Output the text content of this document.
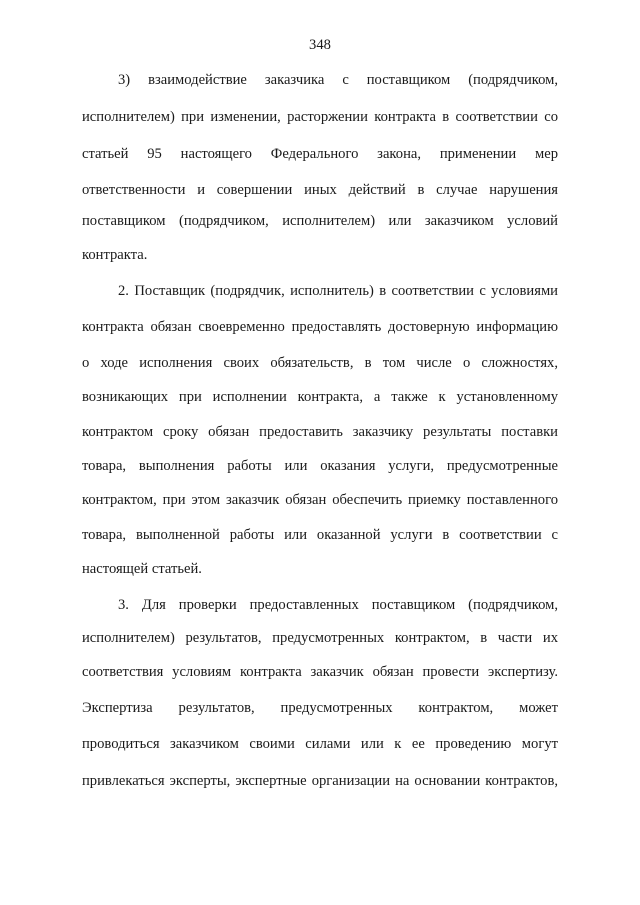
348
3) взаимодействие заказчика с поставщиком (подрядчиком,
исполнителем) при изменении, расторжении контракта в соответствии со
статьей 95 настоящего Федерального закона, применении мер
ответственности и совершении иных действий в случае нарушения
поставщиком (подрядчиком, исполнителем) или заказчиком условий
контракта.
2. Поставщик (подрядчик, исполнитель) в соответствии с условиями
контракта обязан своевременно предоставлять достоверную информацию
о ходе исполнения своих обязательств, в том числе о сложностях,
возникающих при исполнении контракта, а также к установленному
контрактом сроку обязан предоставить заказчику результаты поставки
товара, выполнения работы или оказания услуги, предусмотренные
контрактом, при этом заказчик обязан обеспечить приемку поставленного
товара, выполненной работы или оказанной услуги в соответствии с
настоящей статьей.
3. Для проверки предоставленных поставщиком (подрядчиком,
исполнителем) результатов, предусмотренных контрактом, в части их
соответствия условиям контракта заказчик обязан провести экспертизу.
Экспертиза результатов, предусмотренных контрактом, может
проводиться заказчиком своими силами или к ее проведению могут
привлекаться эксперты, экспертные организации на основании контрактов,
